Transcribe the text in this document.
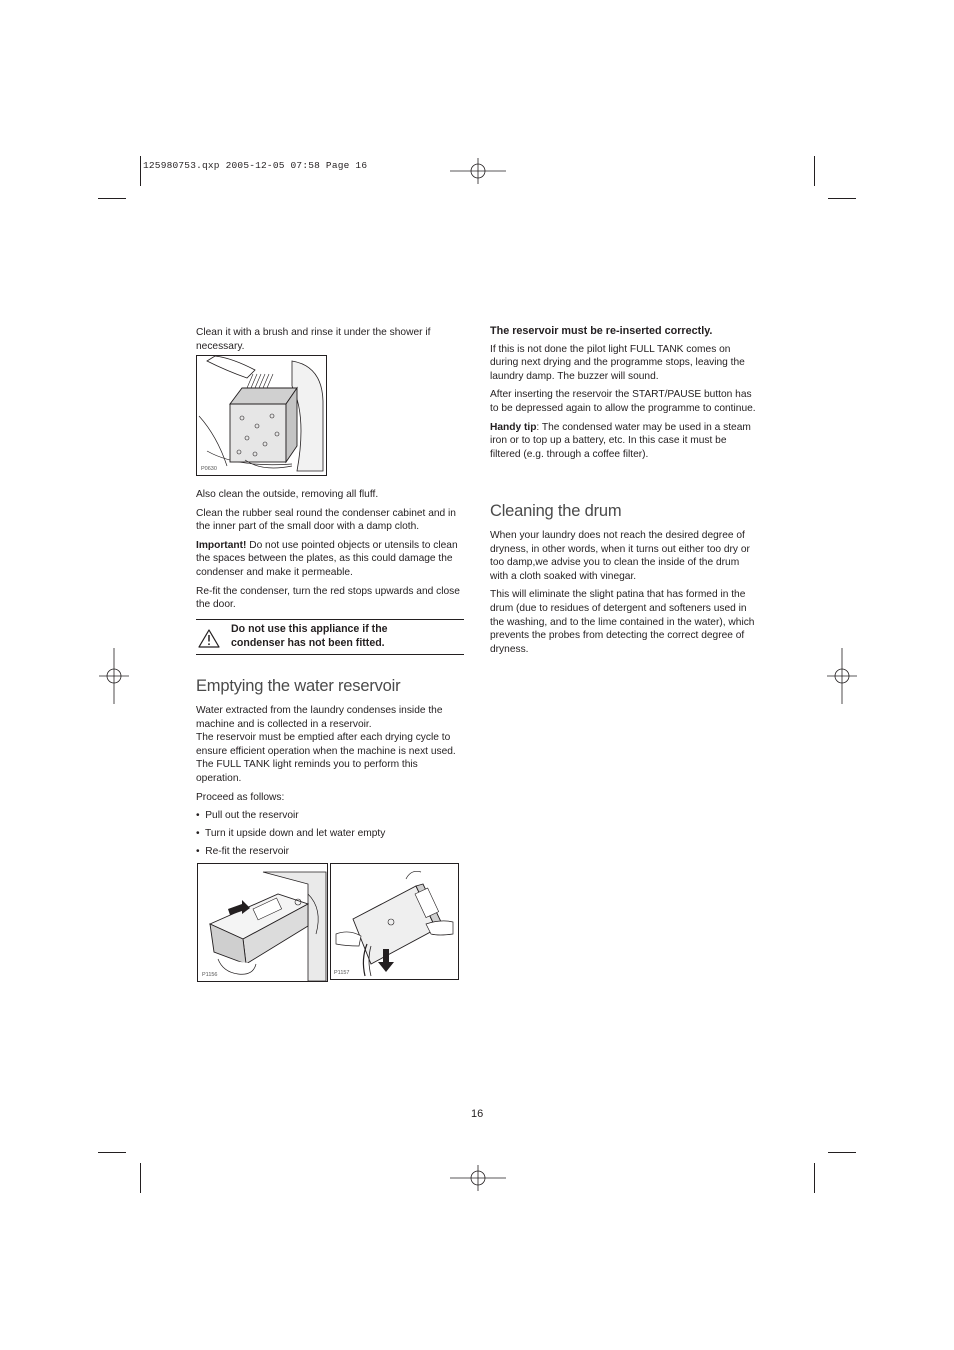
125980753.qxp 2005-12-05 07:58 Page 16

Clean it with a brush and rinse it under the shower if necessary.

P0630

Also clean the outside, removing all fluff.

Clean the rubber seal round the condenser cabinet and in the inner part of the small door with a damp cloth.

Important! Do not use pointed objects or utensils to clean the spaces between the plates, as this could damage the condenser and make it permeable.

Re-fit the condenser, turn the red stops upwards and close the door.

Do not use this appliance if the condenser has not been fitted.
Emptying the water reservoir

Water extracted from the laundry condenses inside the machine and is collected in a reservoir.

The reservoir must be emptied after each drying cycle to ensure efficient operation when the machine is next used. The FULL TANK light reminds you to perform this operation.

Proceed as follows:

•  Pull out the reservoir
•  Turn it upside down and let water empty
•  Re-fit the reservoir
P1156	P1157

The reservoir must be re-inserted correctly.

If this is not done the pilot light FULL TANK comes on during next drying and the programme stops, leaving the laundry damp. The buzzer will sound.

After inserting the reservoir the START/PAUSE button has to be depressed again to allow the programme to continue.

Handy tip: The condensed water may be used in a steam iron or to top up a battery, etc. In this case it must be filtered (e.g. through a coffee filter).

Cleaning the drum

When your laundry does not reach the desired degree of dryness, in other words, when it turns out either too dry or too damp,we advise you to clean the inside of the drum with a cloth soaked with vinegar.

This will eliminate the slight patina that has formed in the drum (due to residues of detergent and softeners used in the washing, and to the lime contained in the water), which prevents the probes from detecting the correct degree of dryness.

16
